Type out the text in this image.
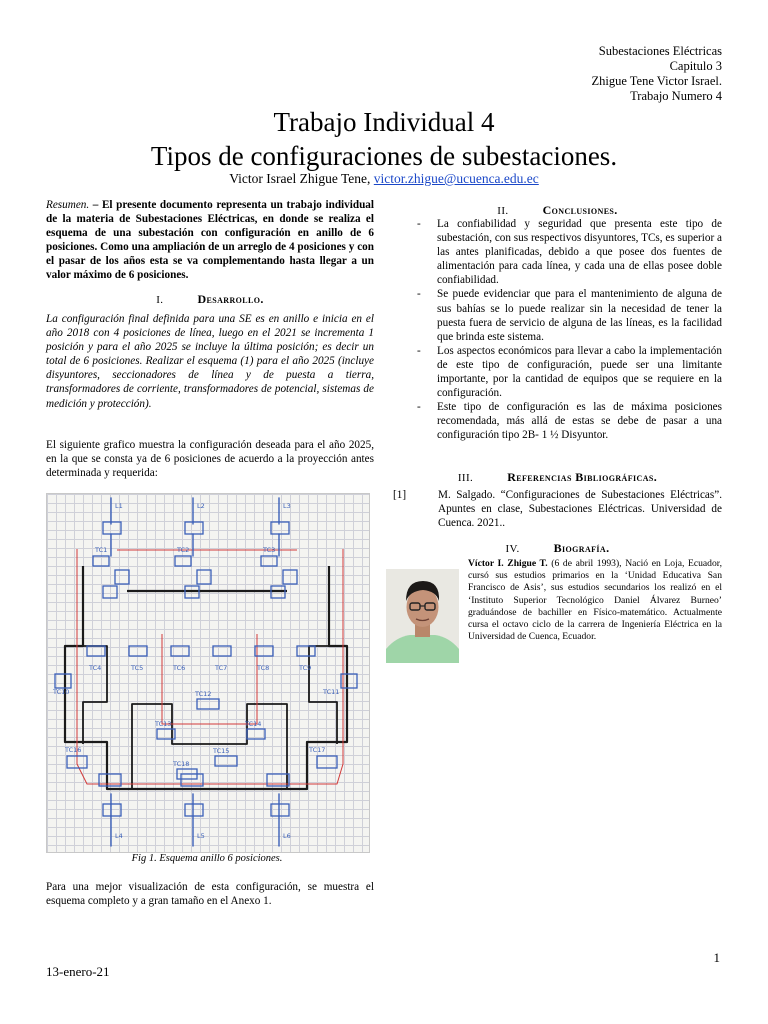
Subestaciones Eléctricas
Capitulo 3
Zhigue Tene Victor Israel.
Trabajo Numero 4
Trabajo Individual 4
Tipos de configuraciones de subestaciones.
Victor Israel Zhigue Tene, victor.zhigue@ucuenca.edu.ec
Resumen. – El presente documento representa un trabajo individual de la materia de Subestaciones Eléctricas, en donde se realiza el esquema de una subestación con configuración en anillo de 6 posiciones. Como una ampliación de un arreglo de 4 posiciones y con el pasar de los años esta se va complementando hasta llegar a un valor máximo de 6 posiciones.
I.	Desarrollo.
La configuración final definida para una SE es en anillo e inicia en el año 2018 con 4 posiciones de línea, luego en el 2021 se incrementa 1 posición y para el año 2025 se incluye la última posición; es decir un total de 6 posiciones. Realizar el esquema (1) para el año 2025 (incluye disyuntores, seccionadores de línea y de puesta a tierra, transformadores de corriente, transformadores de potencial, sistemas de medición y protección).
El siguiente grafico muestra la configuración deseada para el año 2025, en la que se consta ya de 6 posiciones de acuerdo a la proyección antes determinada y requerida:
L1
TC1
L2
TC2
L3
TC3
L4	L5	L6
TC4	TC5	TC6	TC7	TC8	TC9
TC10	TC11
TC12
TC13	TC14
TC15
TC16	TC17
TC18
Fig 1. Esquema anillo 6 posiciones.
Para una mejor visualización de esta configuración, se muestra el esquema completo y a gran tamaño en el Anexo 1.
II.	Conclusiones.
- La confiabilidad y seguridad que presenta este tipo de subestación, con sus respectivos disyuntores, TCs, es superior a las antes planificadas, debido a que posee dos fuentes de alimentación para cada línea, y cada una de ellas posee doble confiabilidad.
- Se puede evidenciar que para el mantenimiento de alguna de sus bahías se lo puede realizar sin la necesidad de tener la puesta fuera de servicio de alguna de las líneas, es la facilidad que brinda este sistema.
- Los aspectos económicos para llevar a cabo la implementación de este tipo de configuración, puede ser una limitante importante, por la cantidad de equipos que se requiere en la configuración.
- Este tipo de configuración es las de máxima posiciones recomendada, más allá de estas se debe de pasar a una configuración tipo 2B- 1 ½ Disyuntor.
III.	Referencias Bibliográficas.
[1]	M. Salgado. “Configuraciones de Subestaciones Eléctricas”. Apuntes en clase, Subestaciones Eléctricas. Universidad de Cuenca. 2021..
IV.	Biografía.
Víctor I. Zhigue T. (6 de abril 1993), Nació en Loja, Ecuador, cursó sus estudios primarios en la ‘Unidad Educativa San Francisco de Asis’, sus estudios secundarios los realizó en el ‘Instituto Superior Tecnológico Daniel Álvarez Burneo’ graduándose de bachiller en Físico-matemático. Actualmente cursa el octavo ciclo de la carrera de Ingeniería Eléctrica en la Universidad de Cuenca, Ecuador.
1
13-enero-21
